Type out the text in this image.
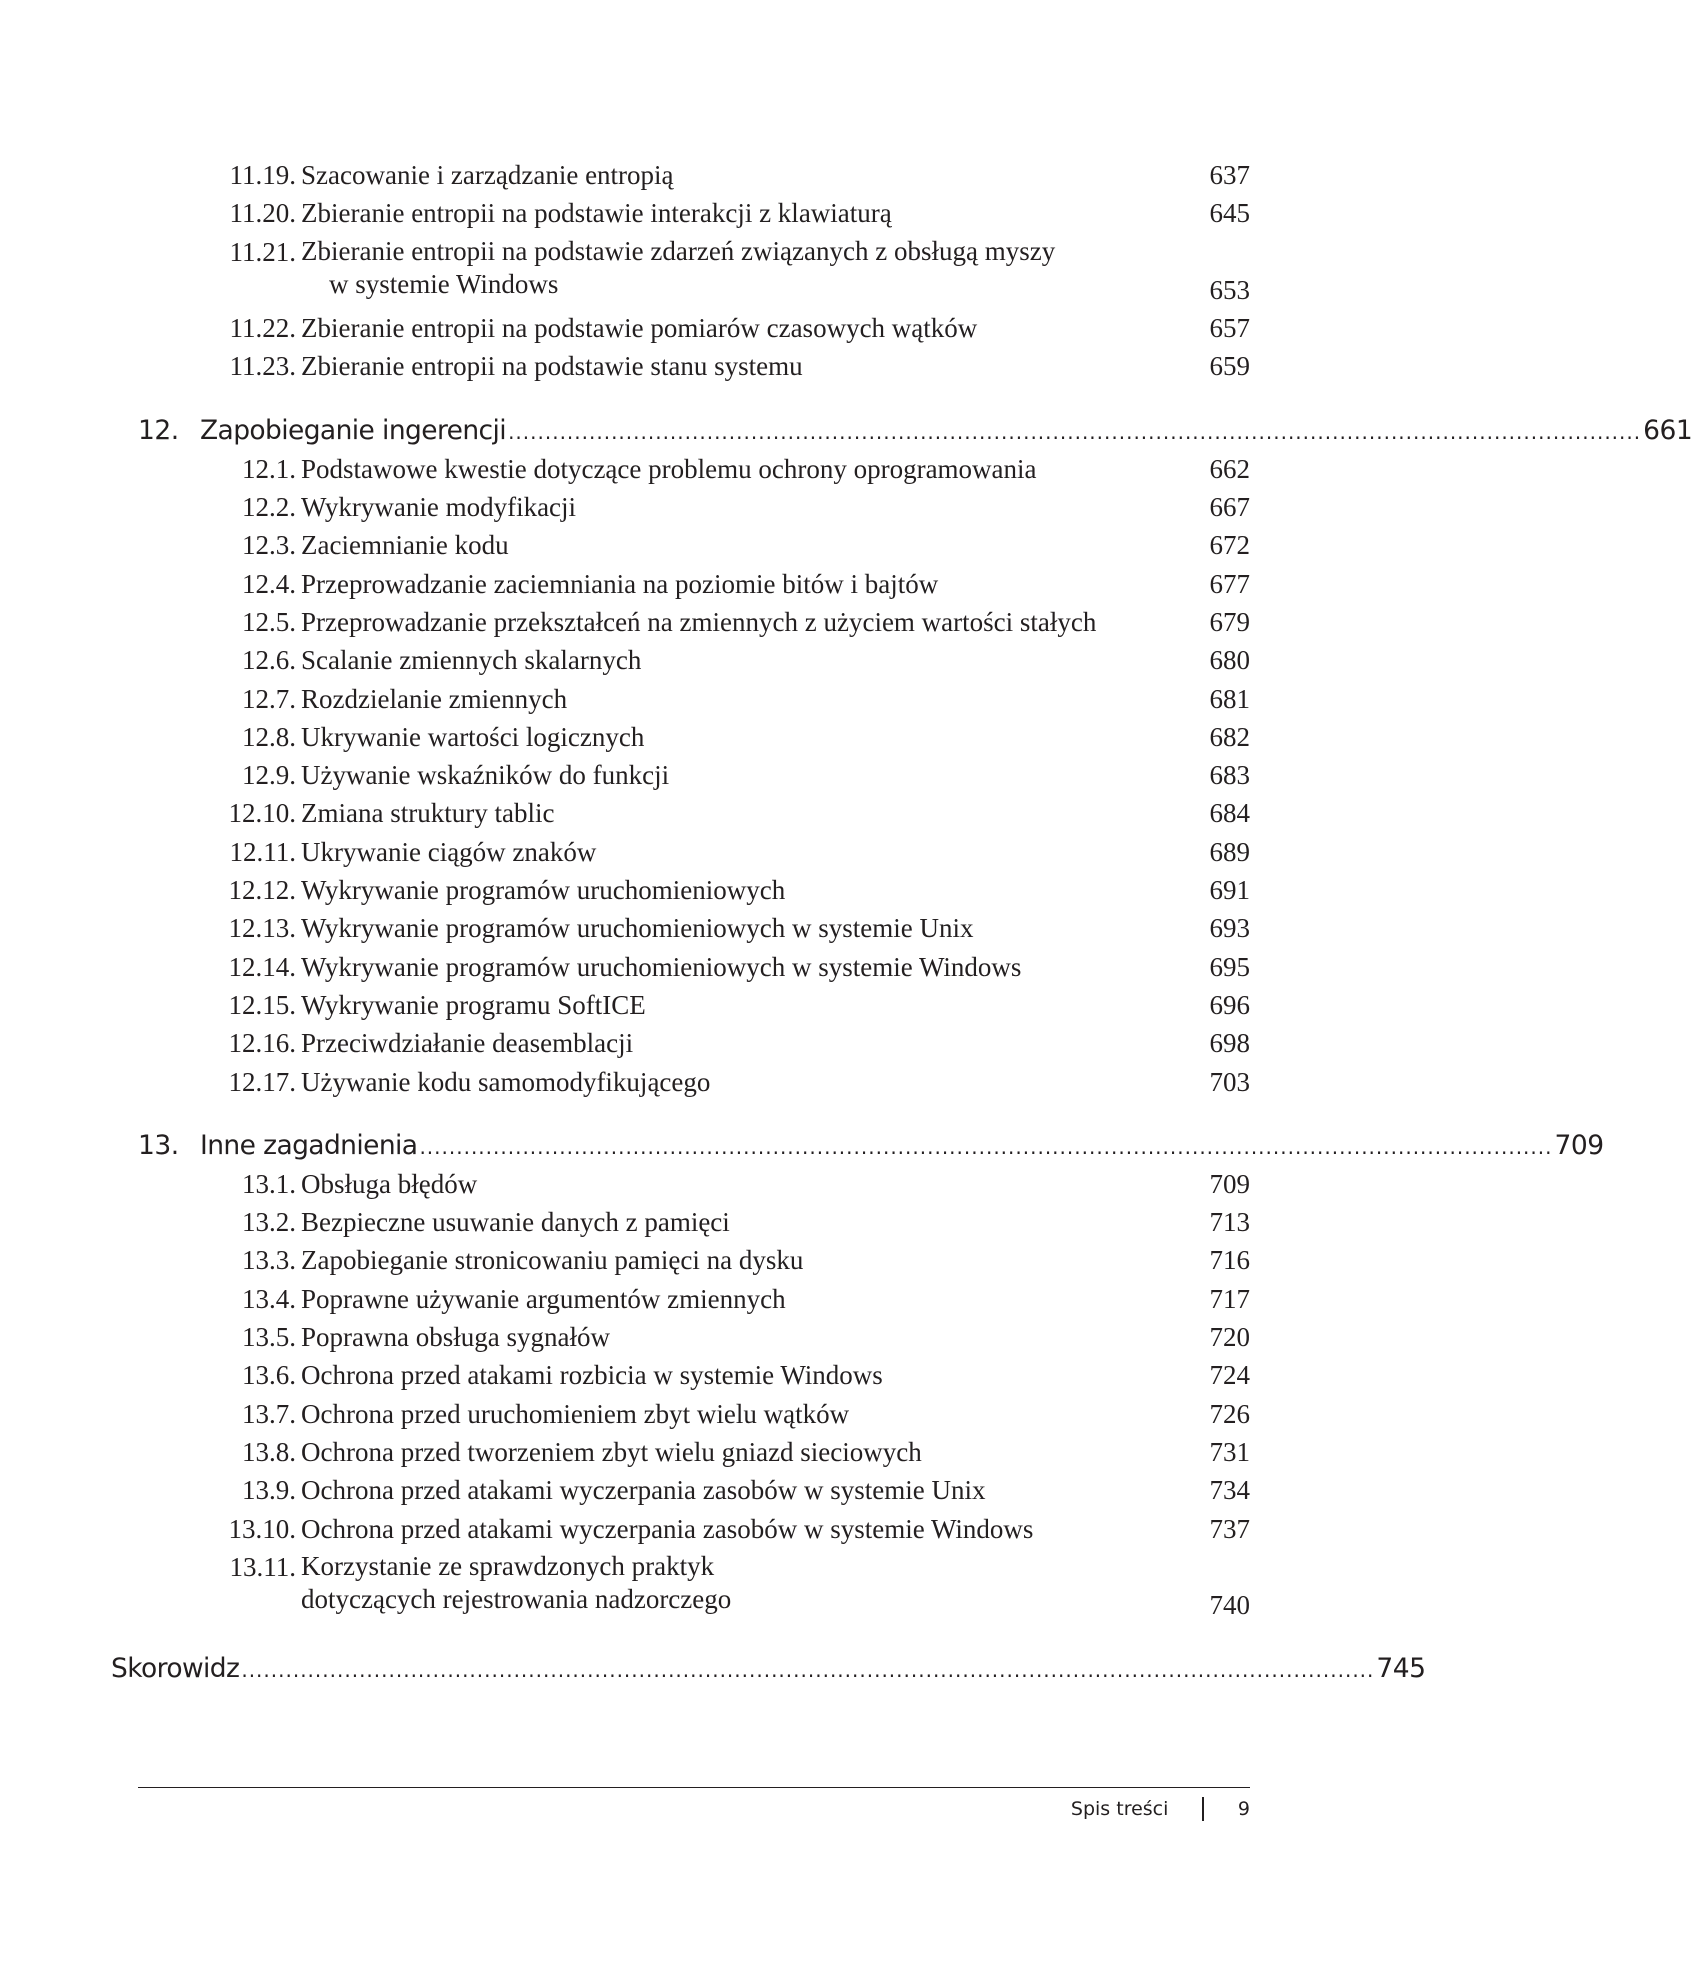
11.19. Szacowanie i zarządzanie entropią	637
11.20. Zbieranie entropii na podstawie interakcji z klawiaturą	645
11.21. Zbieranie entropii na podstawie zdarzeń związanych z obsługą myszy
w systemie Windows	653
11.22. Zbieranie entropii na podstawie pomiarów czasowych wątków	657
11.23. Zbieranie entropii na podstawie stanu systemu	659
12. Zapobieganie ingerencji .......................................................................................................................................................... 661
12.1. Podstawowe kwestie dotyczące problemu ochrony oprogramowania	662
12.2. Wykrywanie modyfikacji	667
12.3. Zaciemnianie kodu	672
12.4. Przeprowadzanie zaciemniania na poziomie bitów i bajtów	677
12.5. Przeprowadzanie przekształceń na zmiennych z użyciem wartości stałych	679
12.6. Scalanie zmiennych skalarnych	680
12.7. Rozdzielanie zmiennych	681
12.8. Ukrywanie wartości logicznych	682
12.9. Używanie wskaźników do funkcji	683
12.10. Zmiana struktury tablic	684
12.11. Ukrywanie ciągów znaków	689
12.12. Wykrywanie programów uruchomieniowych	691
12.13. Wykrywanie programów uruchomieniowych w systemie Unix	693
12.14. Wykrywanie programów uruchomieniowych w systemie Windows	695
12.15. Wykrywanie programu SoftICE	696
12.16. Przeciwdziałanie deasemblacji	698
12.17. Używanie kodu samomodyfikującego	703
13. Inne zagadnienia .......................................................................................................................................................... 709
13.1. Obsługa błędów	709
13.2. Bezpieczne usuwanie danych z pamięci	713
13.3. Zapobieganie stronicowaniu pamięci na dysku	716
13.4. Poprawne używanie argumentów zmiennych	717
13.5. Poprawna obsługa sygnałów	720
13.6. Ochrona przed atakami rozbicia w systemie Windows	724
13.7. Ochrona przed uruchomieniem zbyt wielu wątków	726
13.8. Ochrona przed tworzeniem zbyt wielu gniazd sieciowych	731
13.9. Ochrona przed atakami wyczerpania zasobów w systemie Unix	734
13.10. Ochrona przed atakami wyczerpania zasobów w systemie Windows	737
13.11. Korzystanie ze sprawdzonych praktyk
dotyczących rejestrowania nadzorczego	740
Skorowidz .......................................................................................................................................................... 745
Spis treści	9
